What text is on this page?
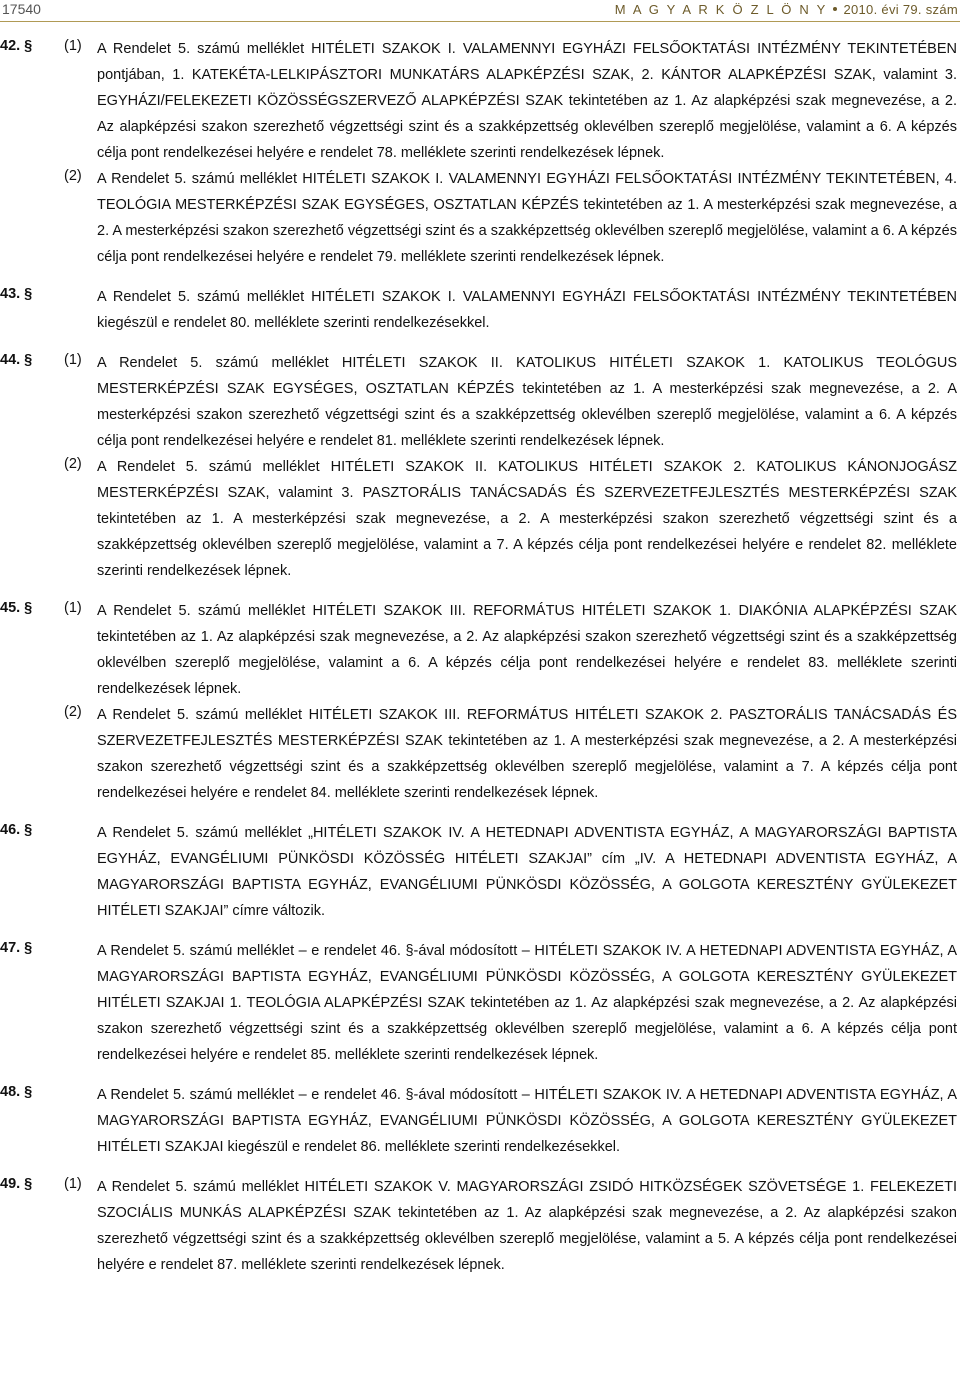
17540	M A G Y A R K Ö Z L Ö N Y 2010. évi 79. szám
42. §	(1)	A Rendelet 5. számú melléklet HITÉLETI SZAKOK I. VALAMENNYI EGYHÁZI FELSŐOKTATÁSI INTÉZMÉNY TEKINTETÉBEN pontjában, 1. KATEKÉTA-LELKIPÁSZTORI MUNKATÁRS ALAPKÉPZÉSI SZAK, 2. KÁNTOR ALAPKÉPZÉSI SZAK, valamint 3. EGYHÁZI/FELEKEZETI KÖZÖSSÉGSZERVEZŐ ALAPKÉPZÉSI SZAK tekintetében az 1. Az alapképzési szak megnevezése, a 2. Az alapképzési szakon szerezhető végzettségi szint és a szakképzettség oklevélben szereplő megjelölése, valamint a 6. A képzés célja pont rendelkezései helyére e rendelet 78. melléklete szerinti rendelkezések lépnek.
(2)	A Rendelet 5. számú melléklet HITÉLETI SZAKOK I. VALAMENNYI EGYHÁZI FELSŐOKTATÁSI INTÉZMÉNY TEKINTETÉBEN, 4. TEOLÓGIA MESTERKÉPZÉSI SZAK EGYSÉGES, OSZTATLAN KÉPZÉS tekintetében az 1. A mesterképzési szak megnevezése, a 2. A mesterképzési szakon szerezhető végzettségi szint és a szakképzettség oklevélben szereplő megjelölése, valamint a 6. A képzés célja pont rendelkezései helyére e rendelet 79. melléklete szerinti rendelkezések lépnek.
43. §	A Rendelet 5. számú melléklet HITÉLETI SZAKOK I. VALAMENNYI EGYHÁZI FELSŐOKTATÁSI INTÉZMÉNY TEKINTETÉBEN kiegészül e rendelet 80. melléklete szerinti rendelkezésekkel.
44. §	(1)	A Rendelet 5. számú melléklet HITÉLETI SZAKOK II. KATOLIKUS HITÉLETI SZAKOK 1. KATOLIKUS TEOLÓGUS MESTERKÉPZÉSI SZAK EGYSÉGES, OSZTATLAN KÉPZÉS tekintetében az 1. A mesterképzési szak megnevezése, a 2. A mesterképzési szakon szerezhető végzettségi szint és a szakképzettség oklevélben szereplő megjelölése, valamint a 6. A képzés célja pont rendelkezései helyére e rendelet 81. melléklete szerinti rendelkezések lépnek.
(2)	A Rendelet 5. számú melléklet HITÉLETI SZAKOK II. KATOLIKUS HITÉLETI SZAKOK 2. KATOLIKUS KÁNONJOGÁSZ MESTERKÉPZÉSI SZAK, valamint 3. PASZTORÁLIS TANÁCSADÁS ÉS SZERVEZETFEJLESZTÉS MESTERKÉPZÉSI SZAK tekintetében az 1. A mesterképzési szak megnevezése, a 2. A mesterképzési szakon szerezhető végzettségi szint és a szakképzettség oklevélben szereplő megjelölése, valamint a 7. A képzés célja pont rendelkezései helyére e rendelet 82. melléklete szerinti rendelkezések lépnek.
45. §	(1)	A Rendelet 5. számú melléklet HITÉLETI SZAKOK III. REFORMÁTUS HITÉLETI SZAKOK 1. DIAKÓNIA ALAPKÉPZÉSI SZAK tekintetében az 1. Az alapképzési szak megnevezése, a 2. Az alapképzési szakon szerezhető végzettségi szint és a szakképzettség oklevélben szereplő megjelölése, valamint a 6. A képzés célja pont rendelkezései helyére e rendelet 83. melléklete szerinti rendelkezések lépnek.
(2)	A Rendelet 5. számú melléklet HITÉLETI SZAKOK III. REFORMÁTUS HITÉLETI SZAKOK 2. PASZTORÁLIS TANÁCSADÁS ÉS SZERVEZETFEJLESZTÉS MESTERKÉPZÉSI SZAK tekintetében az 1. A mesterképzési szak megnevezése, a 2. A mesterképzési szakon szerezhető végzettségi szint és a szakképzettség oklevélben szereplő megjelölése, valamint a 7. A képzés célja pont rendelkezései helyére e rendelet 84. melléklete szerinti rendelkezések lépnek.
46. §	A Rendelet 5. számú melléklet „HITÉLETI SZAKOK IV. A HETEDNAPI ADVENTISTA EGYHÁZ, A MAGYARORSZÁGI BAPTISTA EGYHÁZ, EVANGÉLIUMI PÜNKÖSDI KÖZÖSSÉG HITÉLETI SZAKJAI” cím „IV. A HETEDNAPI ADVENTISTA EGYHÁZ, A MAGYARORSZÁGI BAPTISTA EGYHÁZ, EVANGÉLIUMI PÜNKÖSDI KÖZÖSSÉG, A GOLGOTA KERESZTÉNY GYÜLEKEZET HITÉLETI SZAKJAI” címre változik.
47. §	A Rendelet 5. számú melléklet – e rendelet 46. §-ával módosított – HITÉLETI SZAKOK IV. A HETEDNAPI ADVENTISTA EGYHÁZ, A MAGYARORSZÁGI BAPTISTA EGYHÁZ, EVANGÉLIUMI PÜNKÖSDI KÖZÖSSÉG, A GOLGOTA KERESZTÉNY GYÜLEKEZET HITÉLETI SZAKJAI 1. TEOLÓGIA ALAPKÉPZÉSI SZAK tekintetében az 1. Az alapképzési szak megnevezése, a 2. Az alapképzési szakon szerezhető végzettségi szint és a szakképzettség oklevélben szereplő megjelölése, valamint a 6. A képzés célja pont rendelkezései helyére e rendelet 85. melléklete szerinti rendelkezések lépnek.
48. §	A Rendelet 5. számú melléklet – e rendelet 46. §-ával módosított – HITÉLETI SZAKOK IV. A HETEDNAPI ADVENTISTA EGYHÁZ, A MAGYARORSZÁGI BAPTISTA EGYHÁZ, EVANGÉLIUMI PÜNKÖSDI KÖZÖSSÉG, A GOLGOTA KERESZTÉNY GYÜLEKEZET HITÉLETI SZAKJAI kiegészül e rendelet 86. melléklete szerinti rendelkezésekkel.
49. §	(1)	A Rendelet 5. számú melléklet HITÉLETI SZAKOK V. MAGYARORSZÁGI ZSIDÓ HITKÖZSÉGEK SZÖVETSÉGE 1. FELEKEZETI SZOCIÁLIS MUNKÁS ALAPKÉPZÉSI SZAK tekintetében az 1. Az alapképzési szak megnevezése, a 2. Az alapképzési szakon szerezhető végzettségi szint és a szakképzettség oklevélben szereplő megjelölése, valamint a 5. A képzés célja pont rendelkezései helyére e rendelet 87. melléklete szerinti rendelkezések lépnek.
